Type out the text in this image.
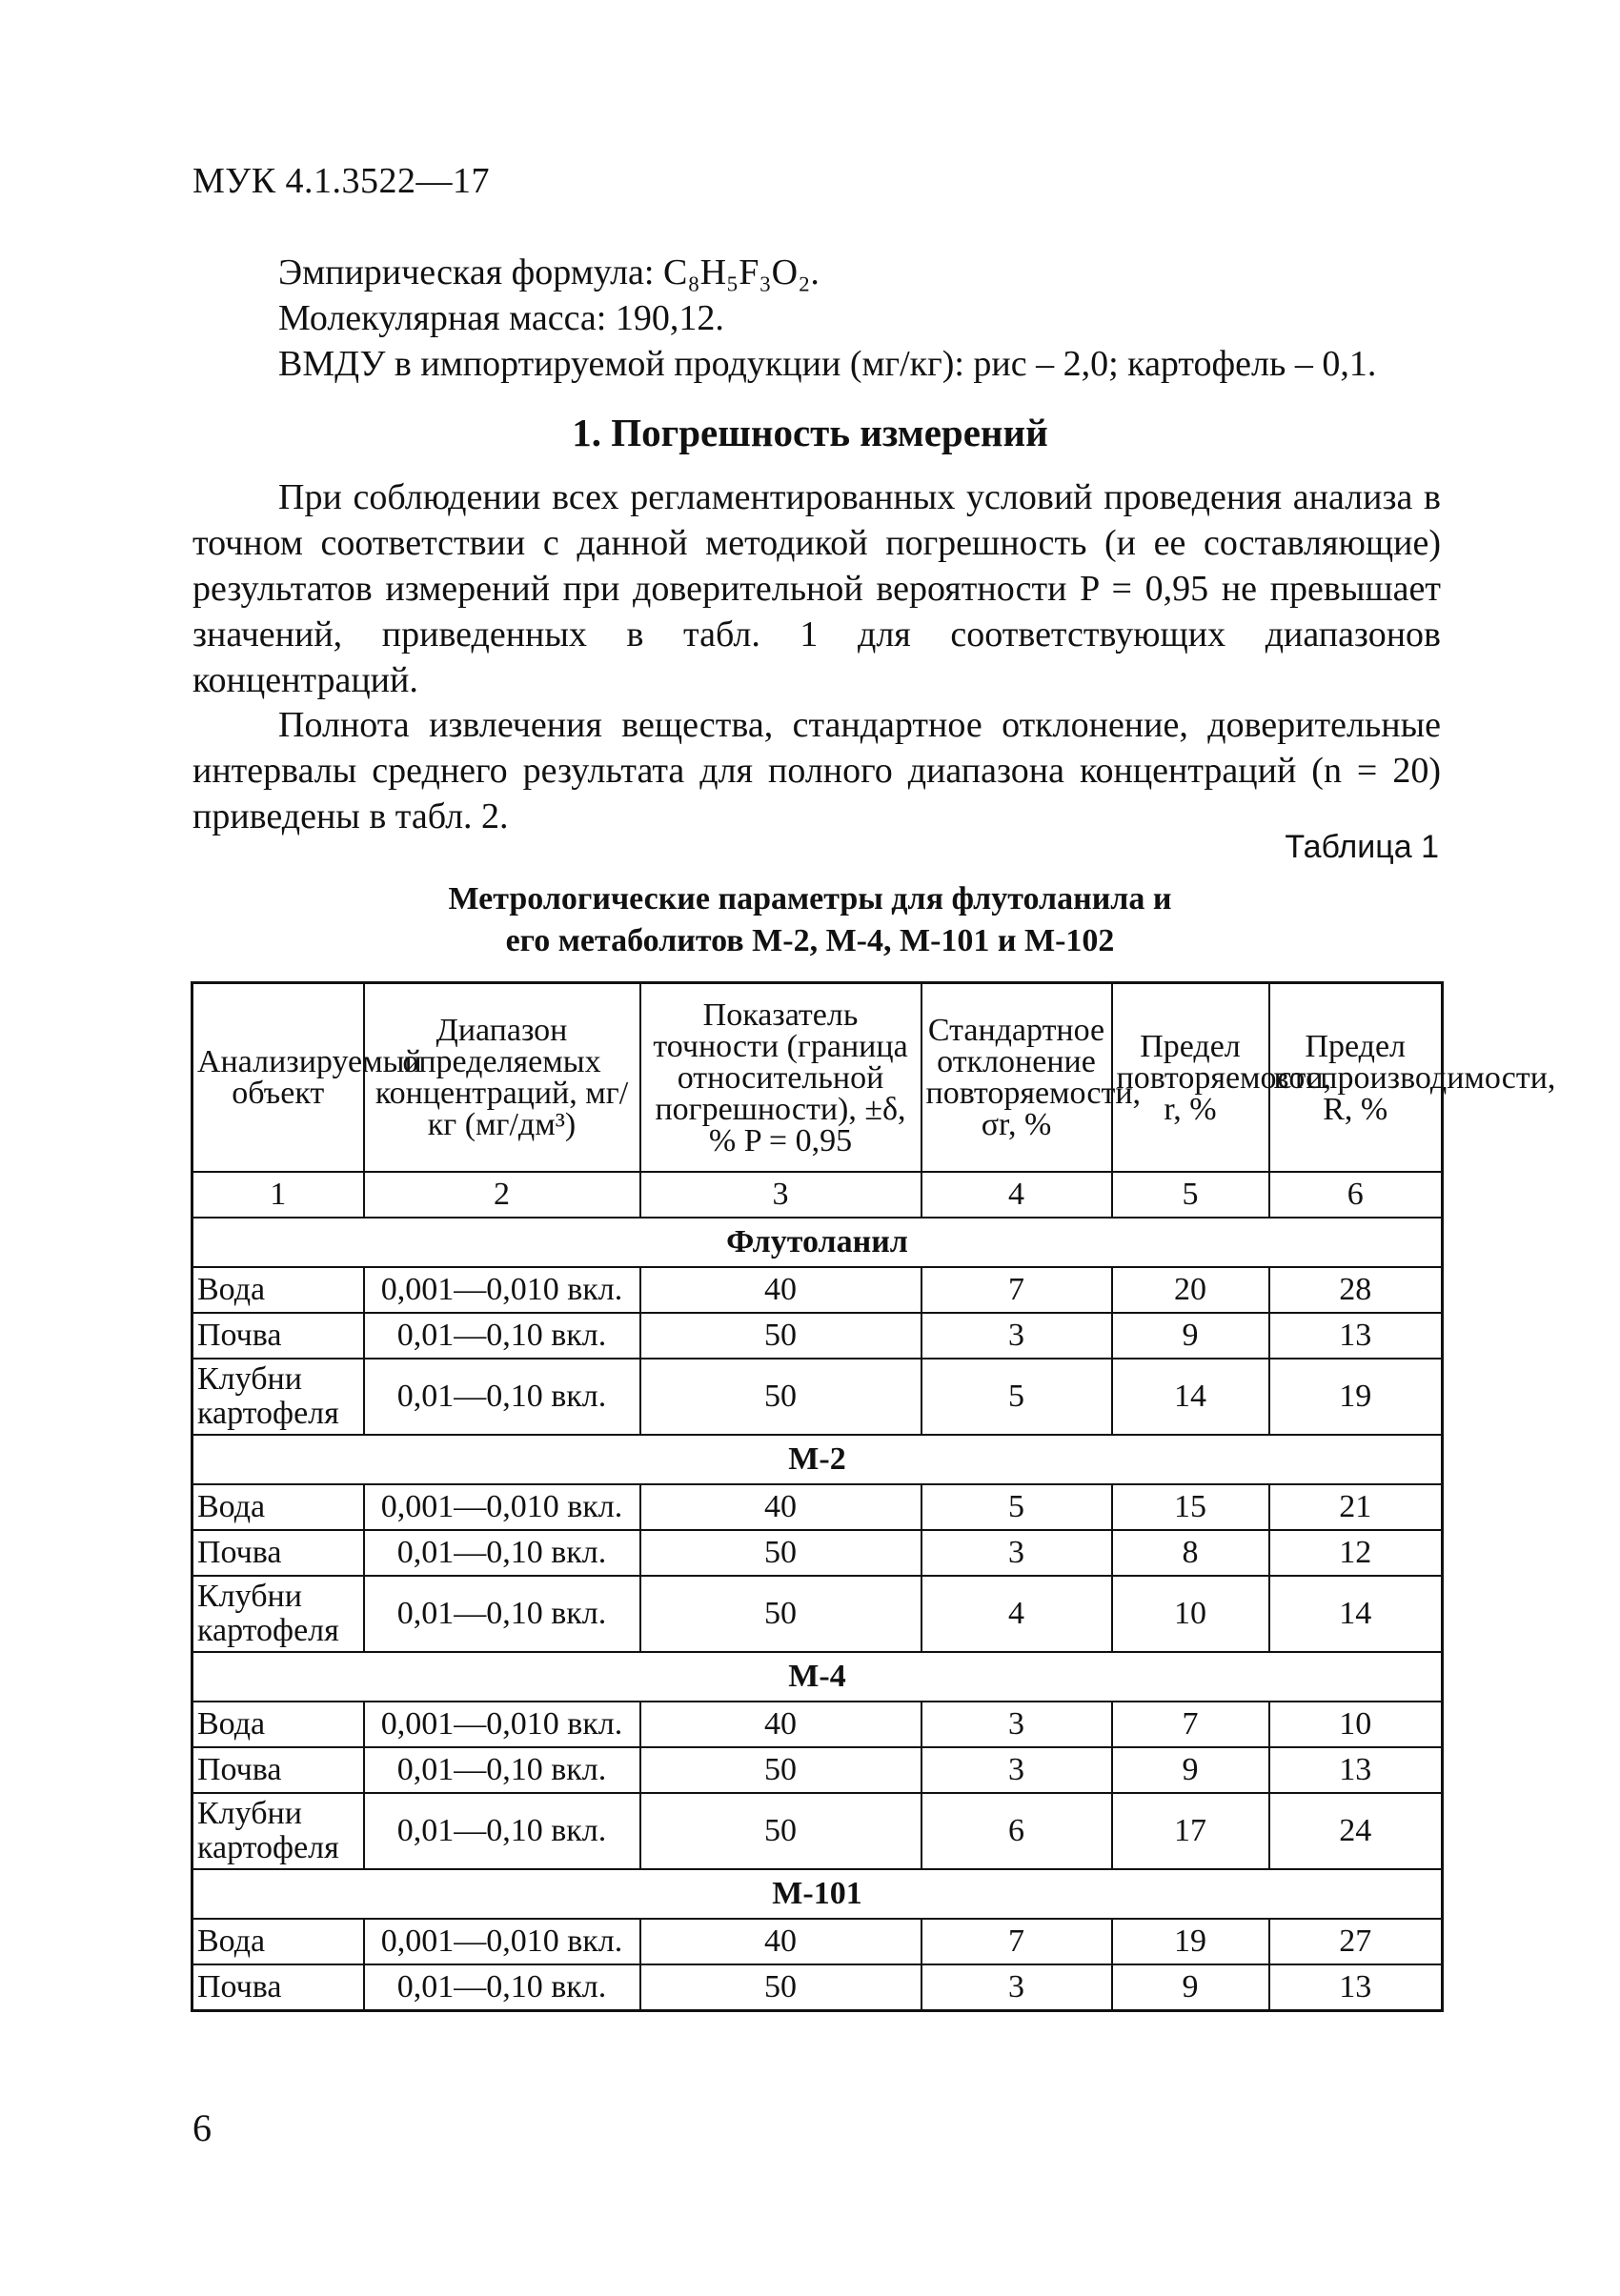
МУК 4.1.3522—17
Эмпирическая формула: C₈H₅F₃O₂.
Молекулярная масса: 190,12.
ВМДУ в импортируемой продукции (мг/кг): рис – 2,0; картофель – 0,1.
1. Погрешность измерений
При соблюдении всех регламентированных условий проведения анализа в точном соответствии с данной методикой погрешность (и ее составляющие) результатов измерений при доверительной вероятности P = 0,95 не превышает значений, приведенных в табл. 1 для соответствующих диапазонов концентраций.
Полнота извлечения вещества, стандартное отклонение, доверительные интервалы среднего результата для полного диапазона концентраций (n = 20) приведены в табл. 2.
Таблица 1
Метрологические параметры для флутоланила и
его метаболитов М-2, М-4, М-101 и М-102
Анализируемый объект	Диапазон определяемых концентраций, мг/кг (мг/дм³)	Показатель точности (граница относительной погрешности), ±δ, % P = 0,95	Стандартное отклонение повторяемости, σr, %	Предел повторяемости, r, %	Предел воспроизводимости, R, %
1	2	3	4	5	6
Флутоланил					
Вода	0,001—0,010 вкл.	40	7	20	28
Почва	0,01—0,10 вкл.	50	3	9	13
Клубни картофеля	0,01—0,10 вкл.	50	5	14	19
М-2					
Вода	0,001—0,010 вкл.	40	5	15	21
Почва	0,01—0,10 вкл.	50	3	8	12
Клубни картофеля	0,01—0,10 вкл.	50	4	10	14
М-4					
Вода	0,001—0,010 вкл.	40	3	7	10
Почва	0,01—0,10 вкл.	50	3	9	13
Клубни картофеля	0,01—0,10 вкл.	50	6	17	24
М-101					
Вода	0,001—0,010 вкл.	40	7	19	27
Почва	0,01—0,10 вкл.	50	3	9	13
6
